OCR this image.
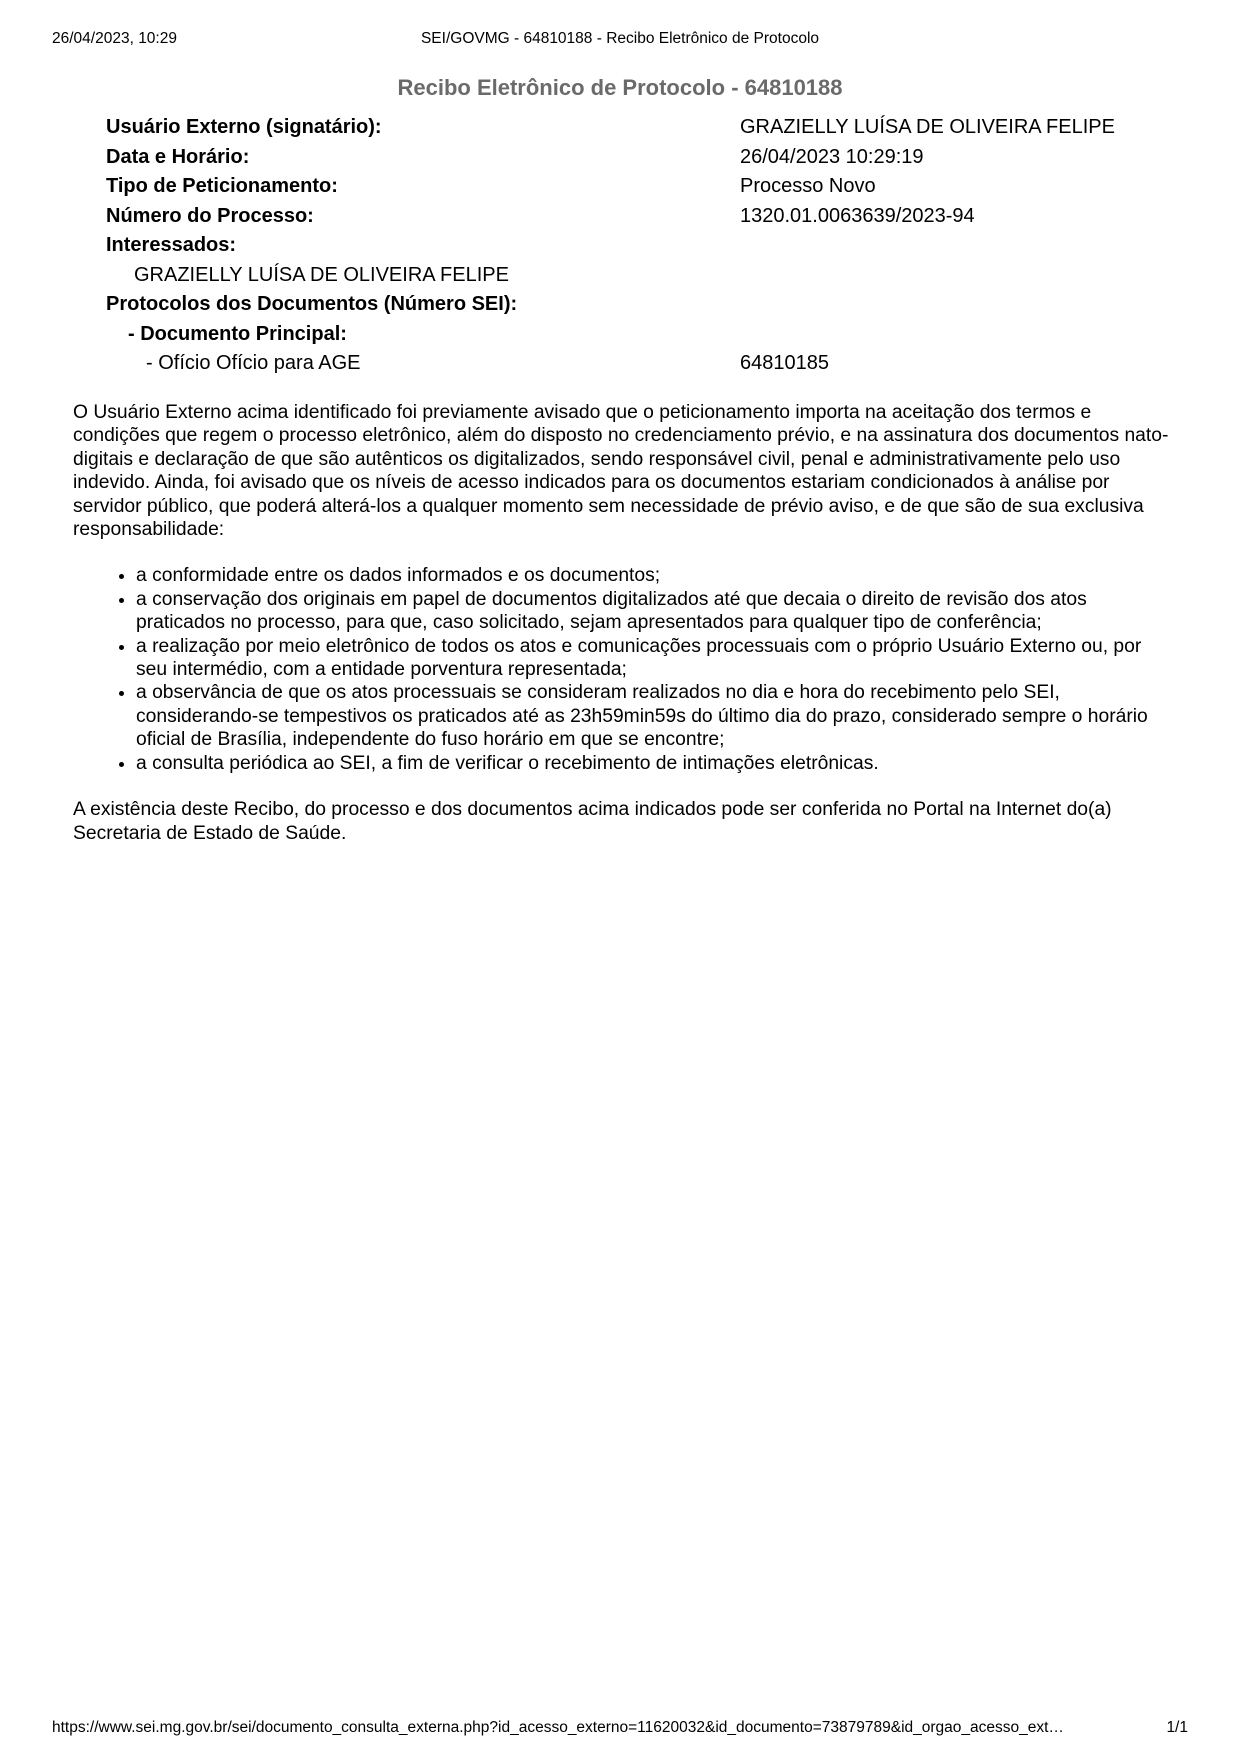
26/04/2023, 10:29	SEI/GOVMG - 64810188 - Recibo Eletrônico de Protocolo
Recibo Eletrônico de Protocolo - 64810188
Usuário Externo (signatário):	GRAZIELLY LUÍSA DE OLIVEIRA FELIPE
Data e Horário:	26/04/2023 10:29:19
Tipo de Peticionamento:	Processo Novo
Número do Processo:	1320.01.0063639/2023-94
Interessados:
GRAZIELLY LUÍSA DE OLIVEIRA FELIPE
Protocolos dos Documentos (Número SEI):
- Documento Principal:
- Ofício Ofício para AGE	64810185

O Usuário Externo acima identificado foi previamente avisado que o peticionamento importa na aceitação dos termos e condições que regem o processo eletrônico, além do disposto no credenciamento prévio, e na assinatura dos documentos nato-digitais e declaração de que são autênticos os digitalizados, sendo responsável civil, penal e administrativamente pelo uso indevido. Ainda, foi avisado que os níveis de acesso indicados para os documentos estariam condicionados à análise por servidor público, que poderá alterá-los a qualquer momento sem necessidade de prévio aviso, e de que são de sua exclusiva responsabilidade:

• a conformidade entre os dados informados e os documentos;
• a conservação dos originais em papel de documentos digitalizados até que decaia o direito de revisão dos atos praticados no processo, para que, caso solicitado, sejam apresentados para qualquer tipo de conferência;
• a realização por meio eletrônico de todos os atos e comunicações processuais com o próprio Usuário Externo ou, por seu intermédio, com a entidade porventura representada;
• a observância de que os atos processuais se consideram realizados no dia e hora do recebimento pelo SEI, considerando-se tempestivos os praticados até as 23h59min59s do último dia do prazo, considerado sempre o horário oficial de Brasília, independente do fuso horário em que se encontre;
• a consulta periódica ao SEI, a fim de verificar o recebimento de intimações eletrônicas.

A existência deste Recibo, do processo e dos documentos acima indicados pode ser conferida no Portal na Internet do(a) Secretaria de Estado de Saúde.

https://www.sei.mg.gov.br/sei/documento_consulta_externa.php?id_acesso_externo=11620032&id_documento=73879789&id_orgao_acesso_ext…	1/1
